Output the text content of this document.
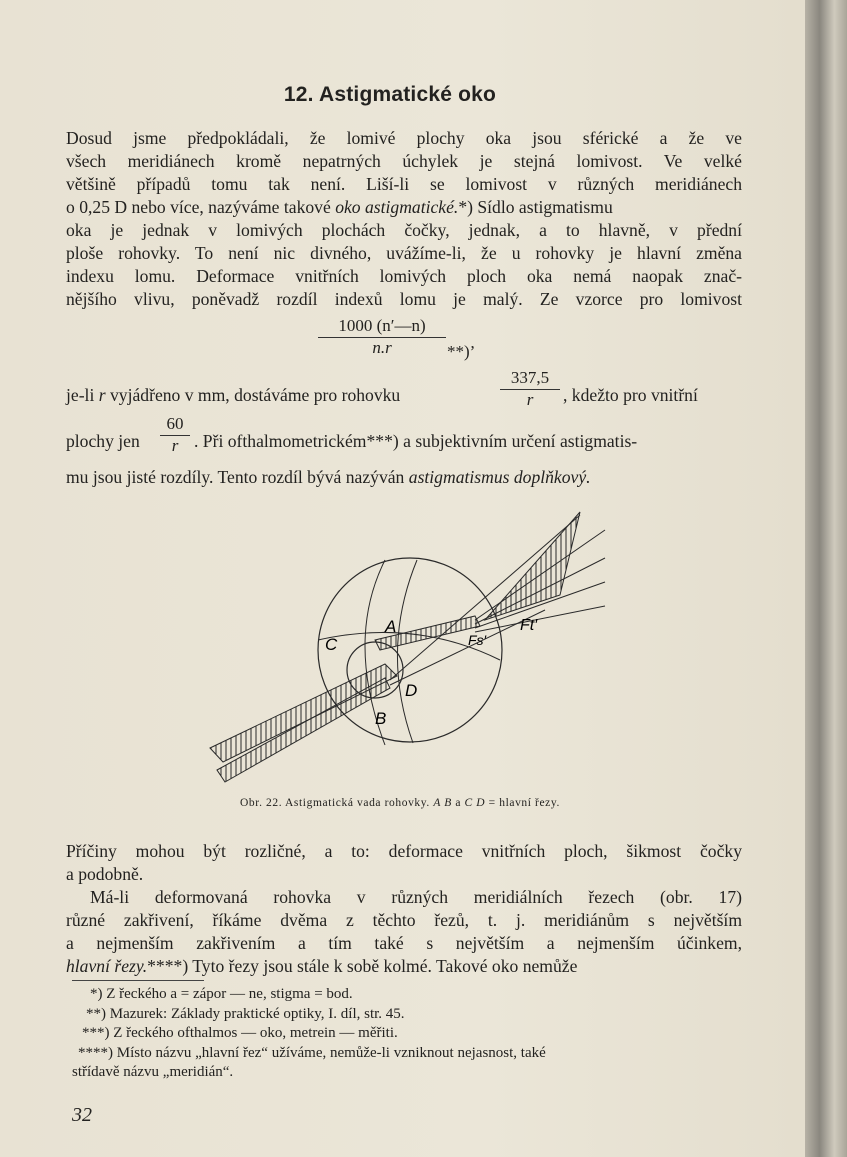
12. Astigmatické oko
Dosud jsme předpokládali, že lomivé plochy oka jsou sférické a že ve
všech meridiánech kromě nepatrných úchylek je stejná lomivost. Ve velké
většině případů tomu tak není. Liší-li se lomivost v různých meridiánech
o 0,25 D nebo více, nazýváme takové oko astigmatické.*) Sídlo astigmatismu
oka je jednak v lomivých plochách čočky, jednak, a to hlavně, v přední
ploše rohovky. To není nic divného, uvážíme-li, že u rohovky je hlavní změna
indexu lomu. Deformace vnitřních lomivých ploch oka nemá naopak znač-
nějšího vlivu, poněvadž rozdíl indexů lomu je malý. Ze vzorce pro lomivost
1000 (n′—n)
n.r	**)’
je-li r vyjádřeno v mm, dostáváme pro rohovku
337,5
r	, kdežto pro vnitřní
plochy jen
60
r . Při ofthalmometrickém***) a subjektivním určení astigmatis-
mu jsou jisté rozdíly. Tento rozdíl bývá nazýván astigmatismus doplňkový.
C
A
D
B
Fs′
Ft′
Obr. 22. Astigmatická vada rohovky. A B a C D = hlavní řezy.
Příčiny mohou být rozličné, a to: deformace vnitřních ploch, šikmost čočky
a podobně.
Má-li deformovaná rohovka v různých meridiálních řezech (obr. 17)
různé zakřivení, říkáme dvěma z těchto řezů, t. j. meridiánům s největším
a nejmenším zakřivením a tím také s největším a nejmenším účinkem,
hlavní řezy.****) Tyto řezy jsou stále k sobě kolmé. Takové oko nemůže
*) Z řeckého a = zápor — ne, stigma = bod.
**) Mazurek: Základy praktické optiky, I. díl, str. 45.
***) Z řeckého ofthalmos — oko, metrein — měřiti.
****) Místo názvu „hlavní řez“ užíváme, nemůže-li vzniknout nejasnost, také
střídavě názvu „meridián“.
32
